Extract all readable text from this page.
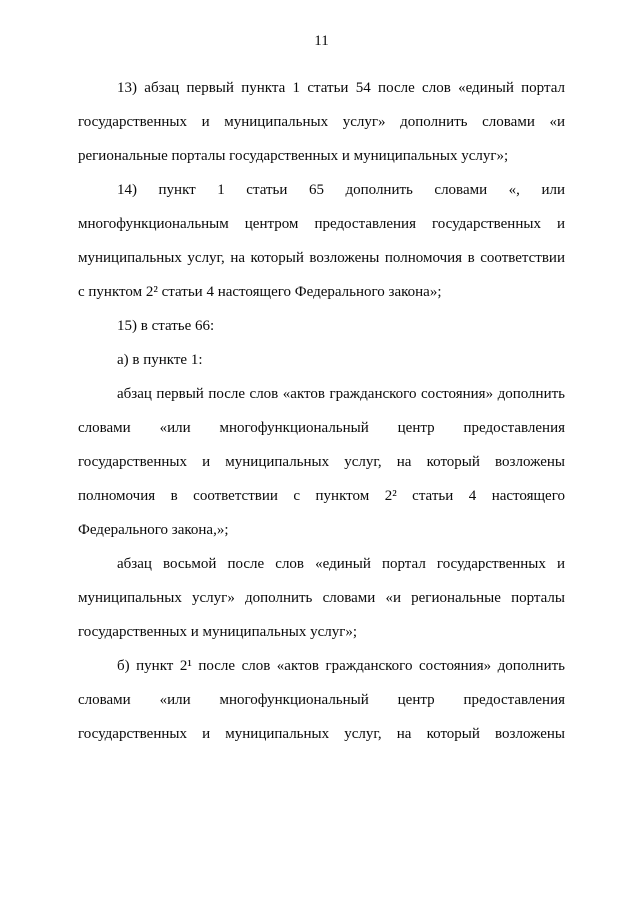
11
13) абзац первый пункта 1 статьи 54 после слов «единый портал
государственных и муниципальных услуг» дополнить словами «и
региональные порталы государственных и муниципальных услуг»;
14) пункт 1 статьи 65 дополнить словами «, или
многофункциональным центром предоставления государственных и
муниципальных услуг, на который возложены полномочия в соответствии
с пунктом 2² статьи 4 настоящего Федерального закона»;
15) в статье 66:
а) в пункте 1:
абзац первый после слов «актов гражданского состояния» дополнить
словами «или многофункциональный центр предоставления
государственных и муниципальных услуг, на который возложены
полномочия в соответствии с пунктом 2² статьи 4 настоящего
Федерального закона,»;
абзац восьмой после слов «единый портал государственных и
муниципальных услуг» дополнить словами «и региональные порталы
государственных и муниципальных услуг»;
б) пункт 2¹ после слов «актов гражданского состояния» дополнить
словами «или многофункциональный центр предоставления
государственных и муниципальных услуг, на который возложены
